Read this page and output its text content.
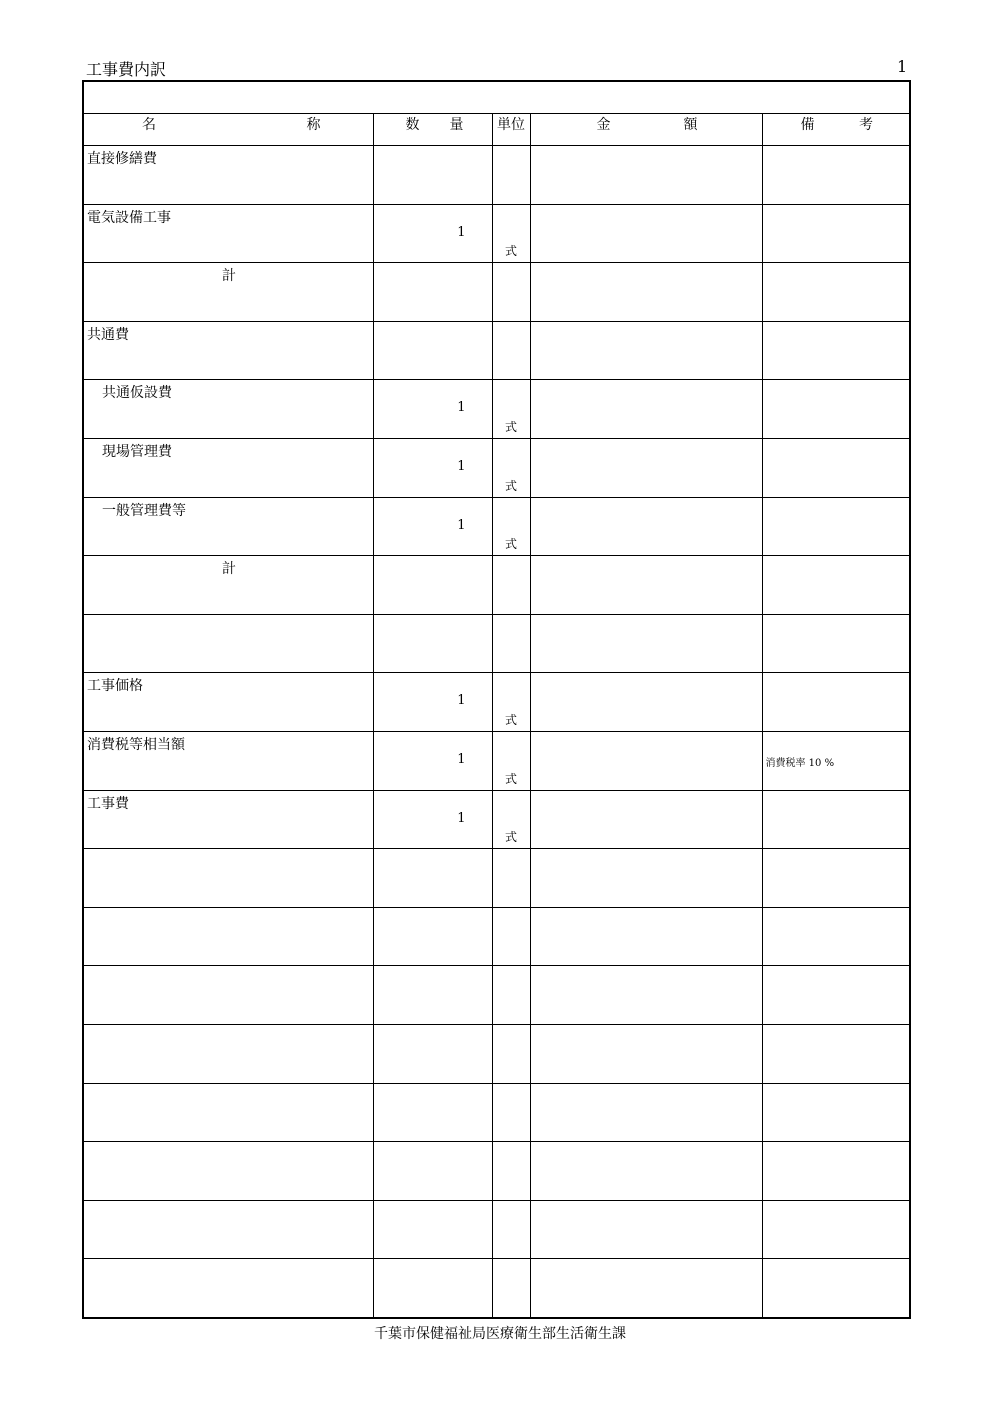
工事費内訳	1

名 称	数 量	単位	金 額	備 考

直接修繕費				

電気設備工事	1	式		

計				

共通費				

共通仮設費	1	式		

現場管理費	1	式		

一般管理費等	1	式		

計				

工事価格	1	式		

消費税等相当額	1	式		消費税率 10 %

工事費	1	式		

千葉市保健福祉局医療衛生部生活衛生課
